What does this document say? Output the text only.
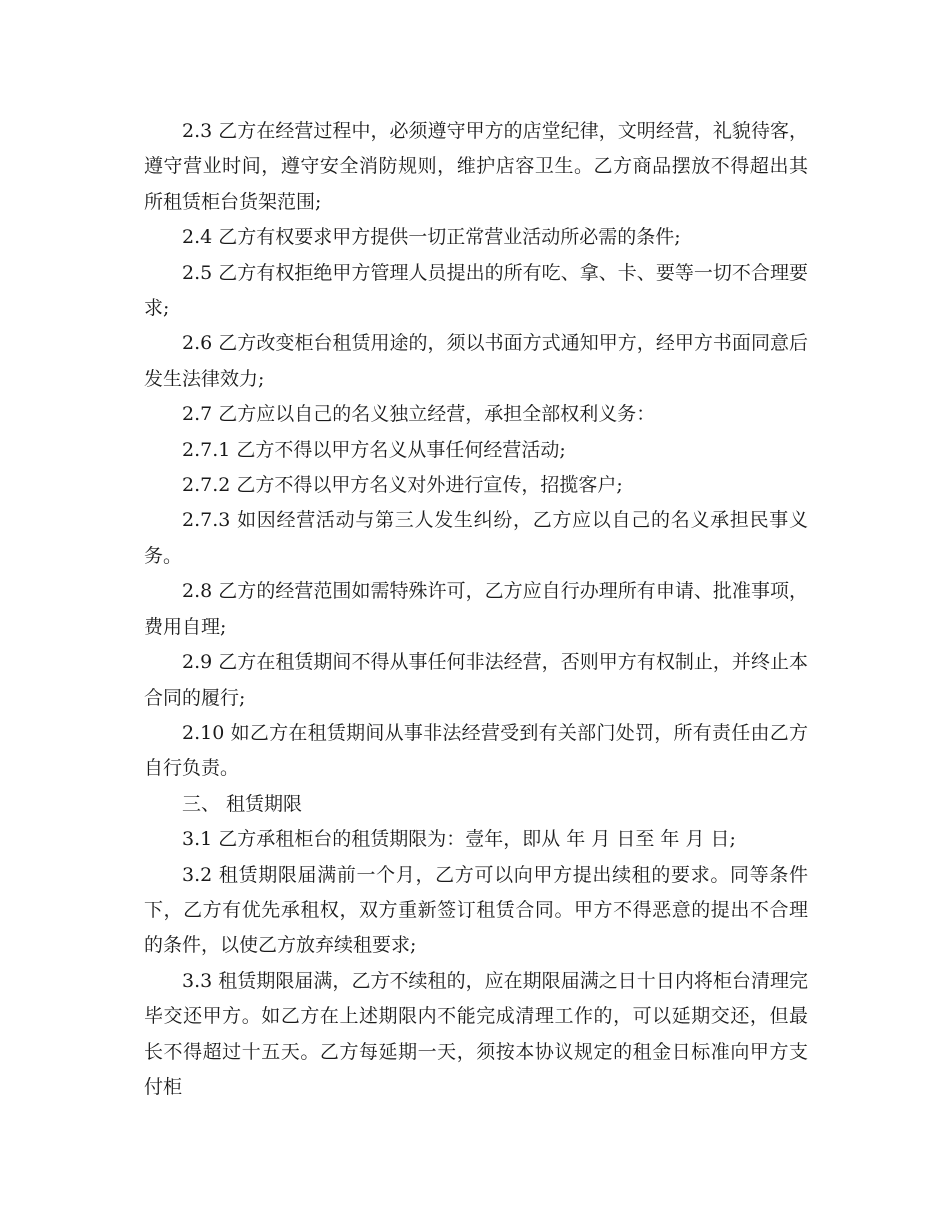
2.3 乙方在经营过程中，必须遵守甲方的店堂纪律，文明经营，礼貌待客，遵守营业时间，遵守安全消防规则，维护店容卫生。乙方商品摆放不得超出其所租赁柜台货架范围;

2.4 乙方有权要求甲方提供一切正常营业活动所必需的条件;

2.5 乙方有权拒绝甲方管理人员提出的所有吃、拿、卡、要等一切不合理要求;

2.6 乙方改变柜台租赁用途的，须以书面方式通知甲方，经甲方书面同意后发生法律效力;

2.7 乙方应以自己的名义独立经营，承担全部权利义务：

2.7.1 乙方不得以甲方名义从事任何经营活动;

2.7.2 乙方不得以甲方名义对外进行宣传，招揽客户;

2.7.3 如因经营活动与第三人发生纠纷，乙方应以自己的名义承担民事义务。

2.8 乙方的经营范围如需特殊许可，乙方应自行办理所有申请、批准事项，费用自理;

2.9 乙方在租赁期间不得从事任何非法经营，否则甲方有权制止，并终止本合同的履行;

2.10 如乙方在租赁期间从事非法经营受到有关部门处罚，所有责任由乙方自行负责。

三、 租赁期限

3.1 乙方承租柜台的租赁期限为：壹年，即从 年 月 日至 年 月 日;

3.2 租赁期限届满前一个月，乙方可以向甲方提出续租的要求。同等条件下，乙方有优先承租权，双方重新签订租赁合同。甲方不得恶意的提出不合理的条件，以使乙方放弃续租要求;

3.3 租赁期限届满，乙方不续租的，应在期限届满之日十日内将柜台清理完毕交还甲方。如乙方在上述期限内不能完成清理工作的，可以延期交还，但最长不得超过十五天。乙方每延期一天，须按本协议规定的租金日标准向甲方支付柜
